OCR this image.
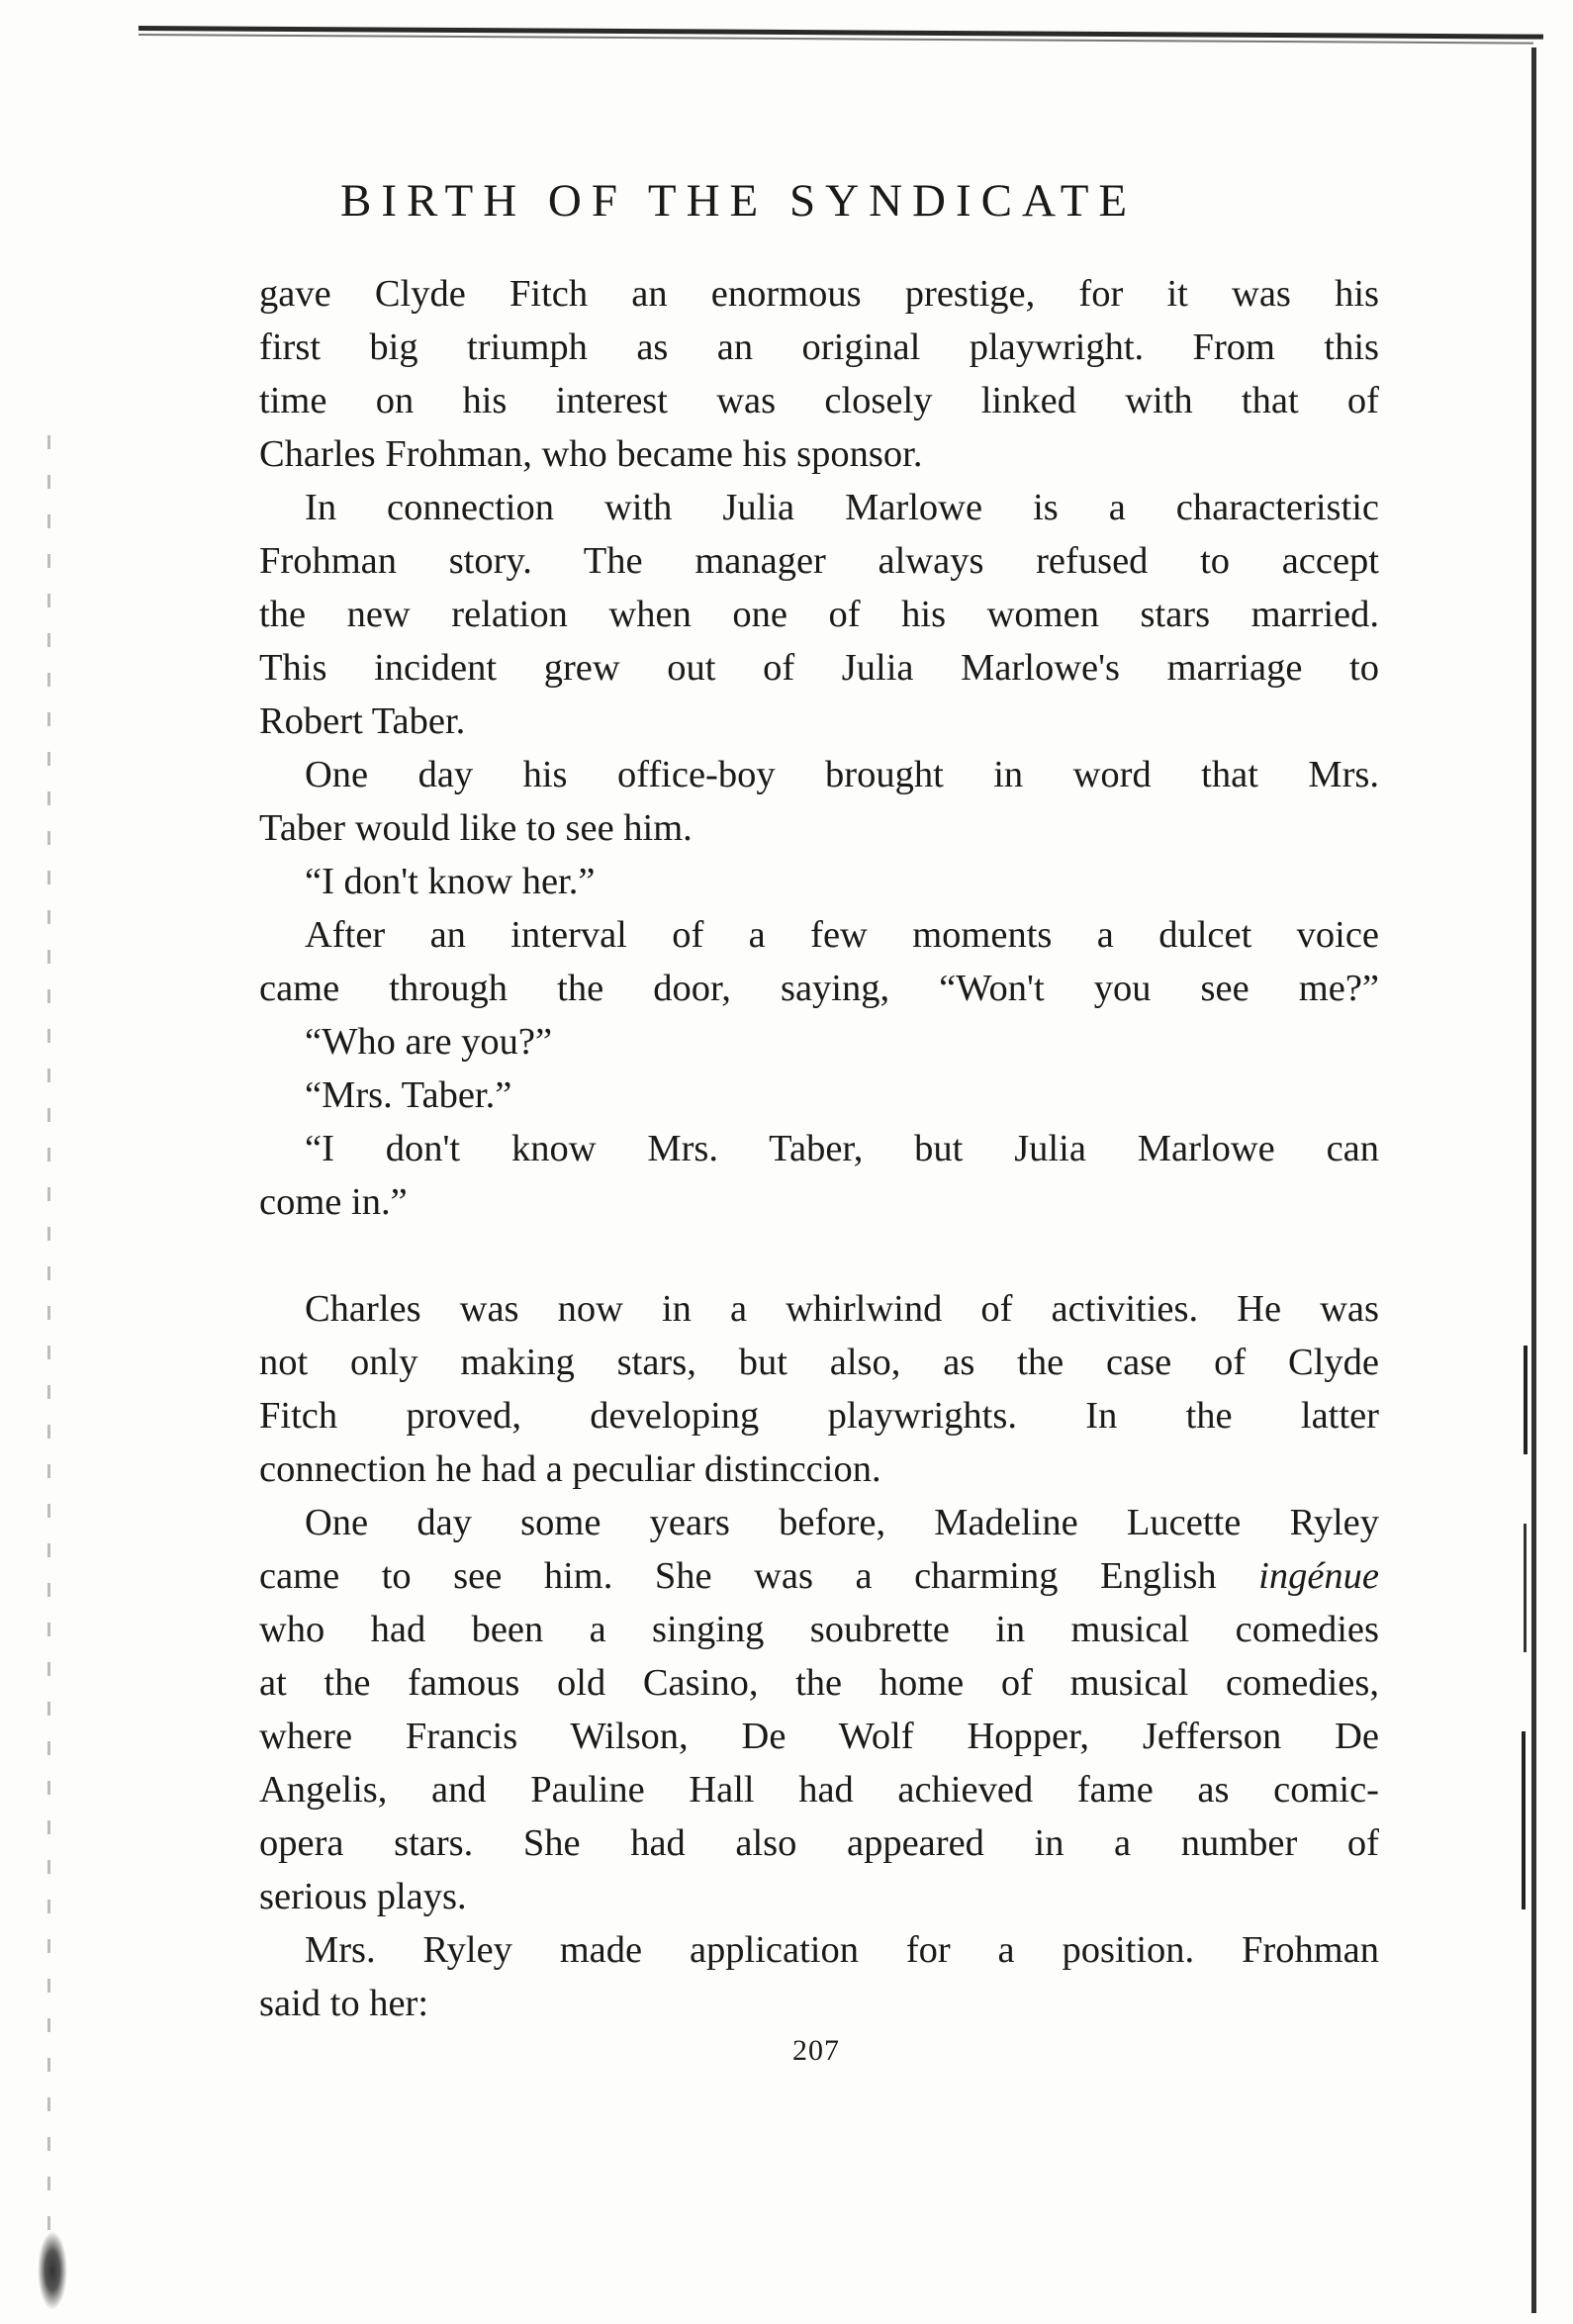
BIRTH OF THE SYNDICATE
gave Clyde Fitch an enormous prestige, for it was his
first big triumph as an original playwright. From this
time on his interest was closely linked with that of
Charles Frohman, who became his sponsor.
In connection with Julia Marlowe is a characteristic
Frohman story. The manager always refused to accept
the new relation when one of his women stars married.
This incident grew out of Julia Marlowe's marriage to
Robert Taber.
One day his office-boy brought in word that Mrs.
Taber would like to see him.
“I don't know her.”
After an interval of a few moments a dulcet voice
came through the door, saying, “Won't you see me?”
“Who are you?”
“Mrs. Taber.”
“I don't know Mrs. Taber, but Julia Marlowe can
come in.”
Charles was now in a whirlwind of activities. He was
not only making stars, but also, as the case of Clyde
Fitch proved, developing playwrights. In the latter
connection he had a peculiar distinccion.
One day some years before, Madeline Lucette Ryley
came to see him. She was a charming English ingénue
who had been a singing soubrette in musical comedies
at the famous old Casino, the home of musical comedies,
where Francis Wilson, De Wolf Hopper, Jefferson De
Angelis, and Pauline Hall had achieved fame as comic-
opera stars. She had also appeared in a number of
serious plays.
Mrs. Ryley made application for a position. Frohman
said to her:
207
